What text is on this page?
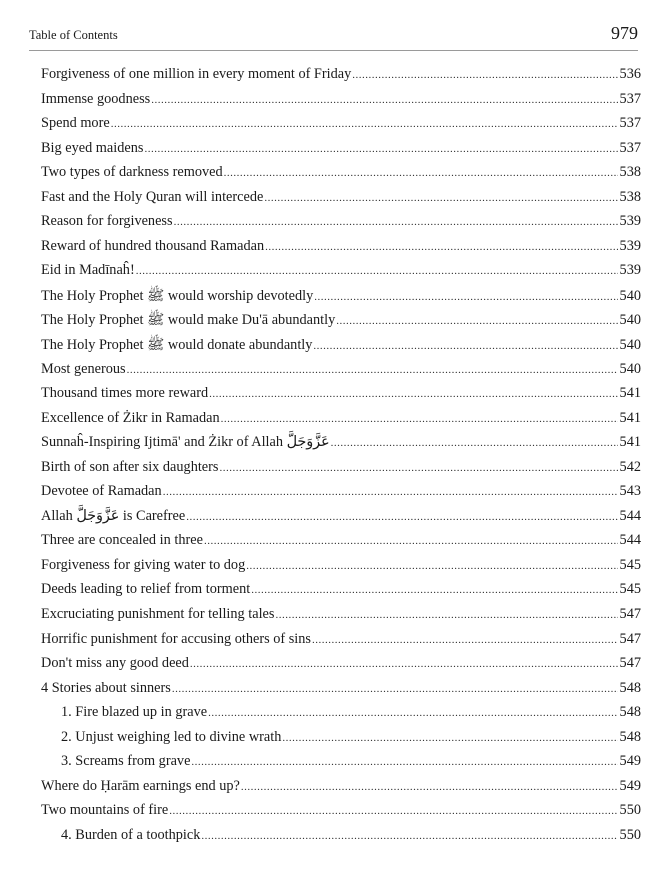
Table of Contents	979
Forgiveness of one million in every moment of Friday .....	536
Immense goodness .....	537
Spend more .....	537
Big eyed maidens .....	537
Two types of darkness removed .....	538
Fast and the Holy Quran will intercede .....	538
Reason for forgiveness .....	539
Reward of hundred thousand Ramadan .....	539
Eid in Madīnaĥ! .....	539
The Holy Prophet ﷺ would worship devotedly .....	540
The Holy Prophet ﷺ would make Du'ā abundantly .....	540
The Holy Prophet ﷺ would donate abundantly .....	540
Most generous .....	540
Thousand times more reward .....	541
Excellence of Żikr in Ramadan .....	541
Sunnaĥ-Inspiring Ijtimā' and Żikr of Allah عَزَّوَجَلَّ .....	541
Birth of son after six daughters .....	542
Devotee of Ramadan .....	543
Allah عَزَّوَجَلَّ is Carefree .....	544
Three are concealed in three .....	544
Forgiveness for giving water to dog .....	545
Deeds leading to relief from torment .....	545
Excruciating punishment for telling tales .....	547
Horrific punishment for accusing others of sins .....	547
Don't miss any good deed .....	547
4 Stories about sinners .....	548
1. Fire blazed up in grave .....	548
2. Unjust weighing led to divine wrath .....	548
3. Screams from grave .....	549
Where do Ḥarām earnings end up? .....	549
Two mountains of fire .....	550
4. Burden of a toothpick .....	550
